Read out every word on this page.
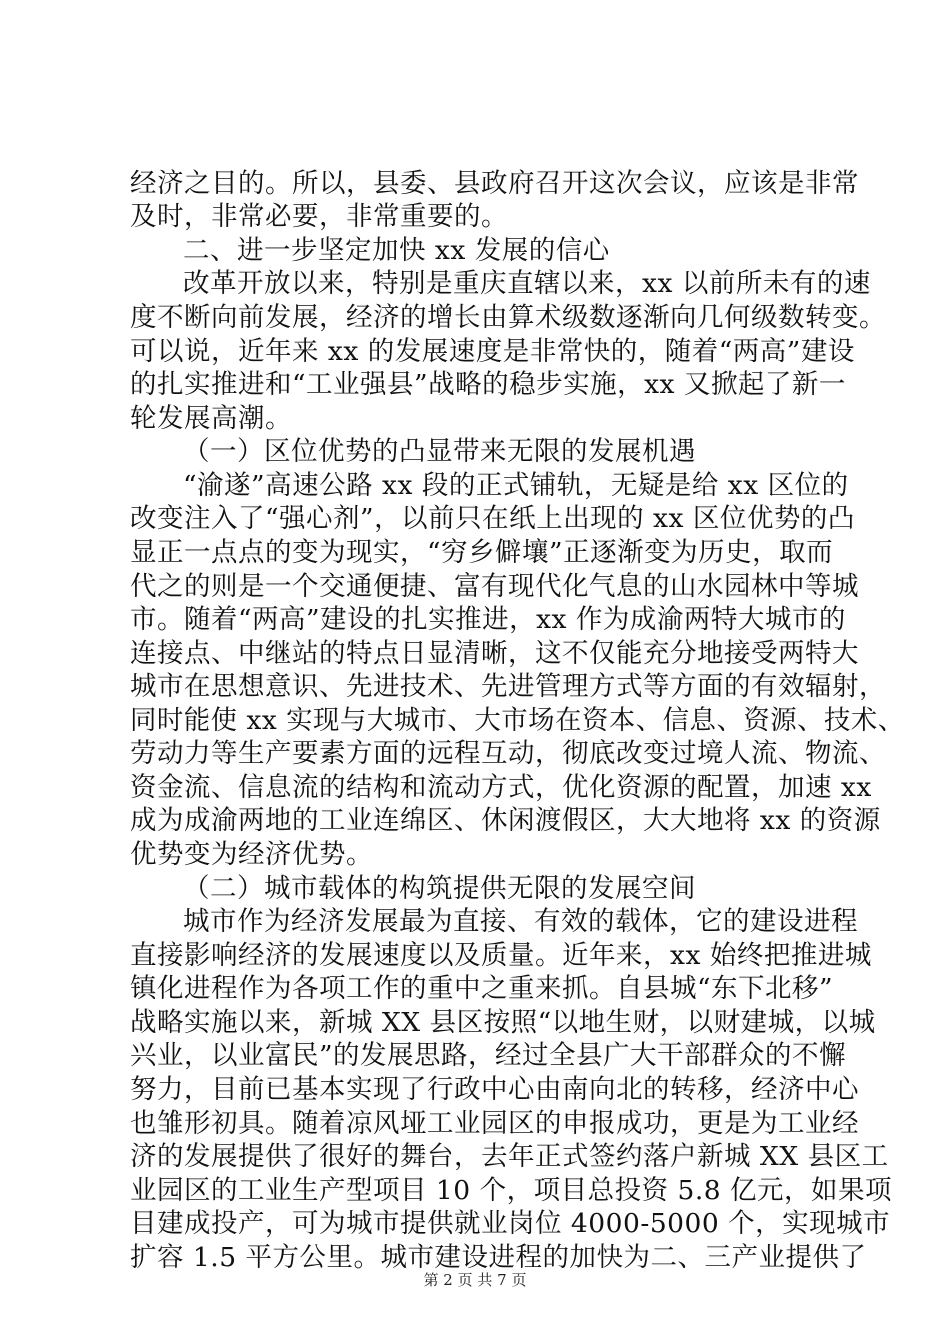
经济之目的。所以，县委、县政府召开这次会议，应该是非常
及时，非常必要，非常重要的。
二、进一步坚定加快 xx 发展的信心
改革开放以来，特别是重庆直辖以来，xx 以前所未有的速
度不断向前发展，经济的增长由算术级数逐渐向几何级数转变。
可以说，近年来 xx 的发展速度是非常快的，随着“两高”建设
的扎实推进和“工业强县”战略的稳步实施，xx 又掀起了新一
轮发展高潮。
（一）区位优势的凸显带来无限的发展机遇
“渝遂”高速公路 xx 段的正式铺轨，无疑是给 xx 区位的
改变注入了“强心剂”，以前只在纸上出现的 xx 区位优势的凸
显正一点点的变为现实，“穷乡僻壤”正逐渐变为历史，取而
代之的则是一个交通便捷、富有现代化气息的山水园林中等城
市。随着“两高”建设的扎实推进，xx 作为成渝两特大城市的
连接点、中继站的特点日显清晰，这不仅能充分地接受两特大
城市在思想意识、先进技术、先进管理方式等方面的有效辐射，
同时能使 xx 实现与大城市、大市场在资本、信息、资源、技术、
劳动力等生产要素方面的远程互动，彻底改变过境人流、物流、
资金流、信息流的结构和流动方式，优化资源的配置，加速 xx
成为成渝两地的工业连绵区、休闲渡假区，大大地将 xx 的资源
优势变为经济优势。
（二）城市载体的构筑提供无限的发展空间
城市作为经济发展最为直接、有效的载体，它的建设进程
直接影响经济的发展速度以及质量。近年来，xx 始终把推进城
镇化进程作为各项工作的重中之重来抓。自县城“东下北移”
战略实施以来，新城 XX 县区按照“以地生财，以财建城，以城
兴业，以业富民”的发展思路，经过全县广大干部群众的不懈
努力，目前已基本实现了行政中心由南向北的转移，经济中心
也雏形初具。随着凉风垭工业园区的申报成功，更是为工业经
济的发展提供了很好的舞台，去年正式签约落户新城 XX 县区工
业园区的工业生产型项目 10 个，项目总投资 5.8 亿元，如果项
目建成投产，可为城市提供就业岗位 4000-5000 个，实现城市
扩容 1.5 平方公里。城市建设进程的加快为二、三产业提供了
第 2 页 共 7 页
